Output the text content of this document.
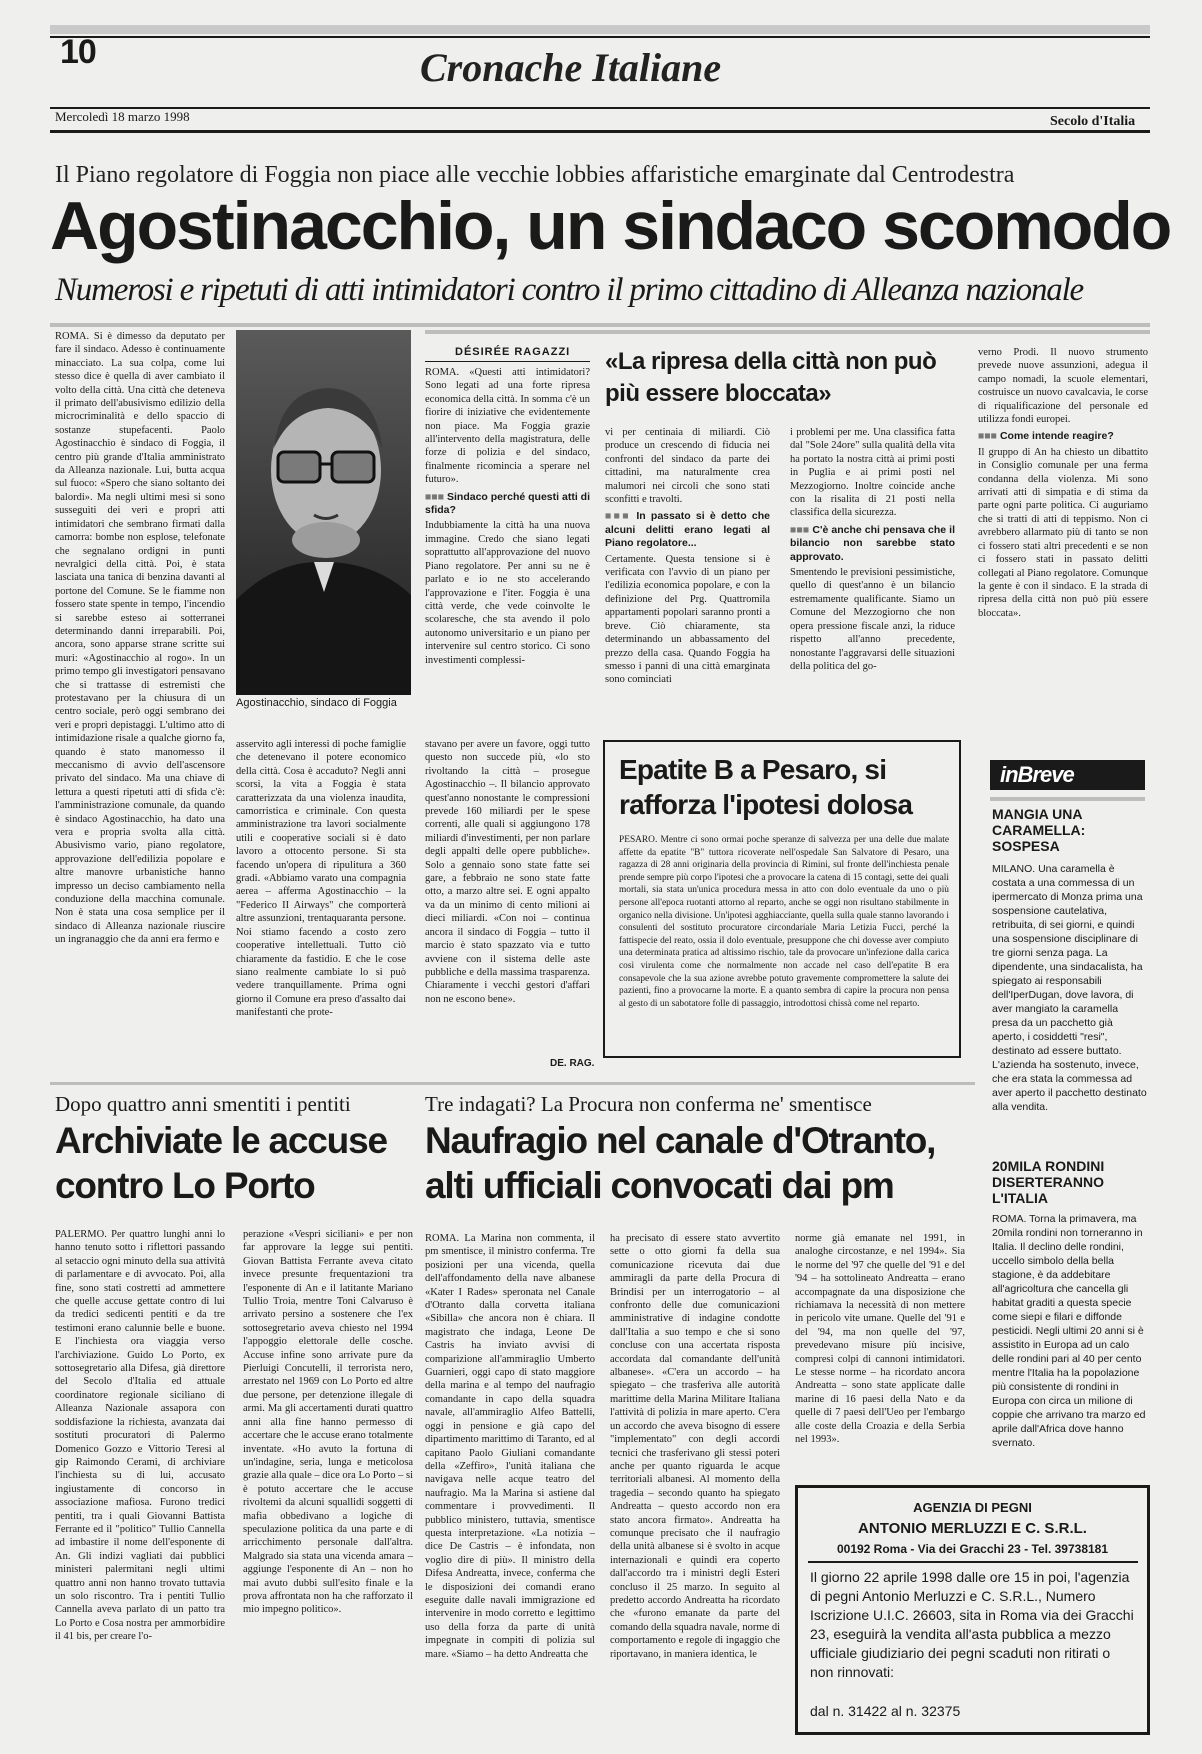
10	Cronache Italiane
Mercoledì 18 marzo 1998	Secolo d'Italia
Il Piano regolatore di Foggia non piace alle vecchie lobbies affaristiche emarginate dal Centrodestra
Agostinacchio, un sindaco scomodo
Numerosi e ripetuti di atti intimidatori contro il primo cittadino di Alleanza nazionale
ROMA. Si è dimesso da deputato per fare il sindaco. Adesso è continuamente minacciato. La sua colpa, come lui stesso dice è quella di aver cambiato il volto della città. Una città che deteneva il primato dell'abusivismo edilizio della microcriminalità e dello spaccio di sostanze stupefacenti. Paolo Agostinacchio è sindaco di Foggia, il centro più grande d'Italia amministrato da Alleanza nazionale. Lui, butta acqua sul fuoco: «Spero che siano soltanto dei balordi». Ma negli ultimi mesi si sono susseguiti dei veri e propri atti intimidatori che sembrano firmati dalla camorra: bombe non esplose, telefonate che segnalano ordigni in punti nevralgici della città. Poi, è stata lasciata una tanica di benzina davanti al portone del Comune. Se le fiamme non fossero state spente in tempo, l'incendio si sarebbe esteso ai sotterranei determinando danni irreparabili. Poi, ancora, sono apparse strane scritte sui muri: «Agostinacchio al rogo». In un primo tempo gli investigatori pensavano che si trattasse di estremisti che protestavano per la chiusura di un centro sociale, però oggi sembrano dei veri e propri depistaggi. L'ultimo atto di intimidazione risale a qualche giorno fa, quando è stato manomesso il meccanismo di avvio dell'ascensore privato del sindaco. Ma una chiave di lettura a questi ripetuti atti di sfida c'è: l'amministrazione comunale, da quando è sindaco Agostinacchio, ha dato una vera e propria svolta alla città. Abusivismo vario, piano regolatore, approvazione dell'edilizia popolare e altre manovre urbanistiche hanno impresso un deciso cambiamento nella conduzione della macchina comunale. Non è stata una cosa semplice per il sindaco di Alleanza nazionale riuscire un ingranaggio che da anni era fermo e
Agostinacchio, sindaco di Foggia
DÉSIRÉE RAGAZZI

ROMA. «Questi atti intimidatori? Sono legati ad una forte ripresa economica della città. In somma c'è un fiorire di iniziative che evidentemente non piace. Ma Foggia grazie all'intervento della magistratura, delle forze di polizia e del sindaco, finalmente ricomincia a sperare nel futuro».

■■■ Sindaco perché questi atti di sfida?

Indubbiamente la città ha una nuova immagine. Credo che siano legati soprattutto all'approvazione del nuovo Piano regolatore. Per anni su ne è parlato e io ne sto accelerando l'approvazione e l'iter. Foggia è una città verde, che vede coinvolte le scolaresche, che sta avendo il polo autonomo universitario e un piano per intervenire sul centro storico. Ci sono investimenti complessi-

«La ripresa della città non può più essere bloccata»

vi per centinaia di miliardi. Ciò produce un crescendo di fiducia nei confronti del sindaco da parte dei cittadini, ma naturalmente crea malumori nei circoli che sono stati sconfitti e travolti.

■■■ In passato si è detto che alcuni delitti erano legati al Piano regolatore...

Certamente. Questa tensione si è verificata con l'avvio di un piano per l'edilizia economica popolare, e con la definizione del Prg. Quattromila appartamenti popolari saranno pronti a breve. Ciò chiaramente, sta determinando un abbassamento del prezzo della casa. Quando Foggia ha smesso i panni di una città emarginata sono cominciati

i problemi per me. Una classifica fatta dal "Sole 24ore" sulla qualità della vita ha portato la nostra città ai primi posti in Puglia e ai primi posti nel Mezzogiorno. Inoltre coincide anche con la risalita di 21 posti nella classifica della sicurezza.

■■■ C'è anche chi pensava che il bilancio non sarebbe stato approvato.

Smentendo le previsioni pessimistiche, quello di quest'anno è un bilancio estremamente qualificante. Siamo un Comune del Mezzogiorno che non opera pressione fiscale anzi, la riduce rispetto all'anno precedente, nonostante l'aggravarsi delle situazioni della politica del go-

verno Prodi. Il nuovo strumento prevede nuove assunzioni, adegua il campo nomadi, la scuole elementari, costruisce un nuovo cavalcavia, le corse di riqualificazione del personale ed utilizza fondi europei.

■■■ Come intende reagire?

Il gruppo di An ha chiesto un dibattito in Consiglio comunale per una ferma condanna della violenza. Mi sono arrivati atti di simpatia e di stima da parte ogni parte politica. Ci auguriamo che si tratti di atti di teppismo. Non ci avrebbero allarmato più di tanto se non ci fossero stati altri precedenti e se non ci fossero stati in passato delitti collegati al Piano regolatore. Comunque la gente è con il sindaco. E la strada di ripresa della città non può più essere bloccata».

asservito agli interessi di poche famiglie che detenevano il potere economico della città. Cosa è accaduto? Negli anni scorsi, la vita a Foggia è stata caratterizzata da una violenza inaudita, camorristica e criminale. Con questa amministrazione tra lavori socialmente utili e cooperative sociali si è dato lavoro a ottocento persone. Si sta facendo un'opera di ripulitura a 360 gradi. «Abbiamo varato una compagnia aerea – afferma Agostinacchio – la "Federico II Airways" che comporterà altre assunzioni, trentaquaranta persone. Noi stiamo facendo a costo zero cooperative intellettuali. Tutto ciò chiaramente da fastidio. E che le cose siano realmente cambiate lo si può vedere tranquillamente. Prima ogni giorno il Comune era preso d'assalto dai manifestanti che prote-
stavano per avere un favore, oggi tutto questo non succede più, «lo sto rivoltando la città – prosegue Agostinacchio –. Il bilancio approvato quest'anno nonostante le compressioni prevede 160 miliardi per le spese correnti, alle quali si aggiungono 178 miliardi d'investimenti, per non parlare degli appalti delle opere pubbliche». Solo a gennaio sono state fatte sei gare, a febbraio ne sono state fatte otto, a marzo altre sei. E ogni appalto va da un minimo di cento milioni ai dieci miliardi. «Con noi – continua ancora il sindaco di Foggia – tutto il marcio è stato spazzato via e tutto avviene con il sistema delle aste pubbliche e della massima trasparenza. Chiaramente i vecchi gestori d'affari non ne escono bene».
DE. RAG.
Epatite B a Pesaro, si rafforza l'ipotesi dolosa
PESARO. Mentre ci sono ormai poche speranze di salvezza per una delle due malate affette da epatite "B" tuttora ricoverate nell'ospedale San Salvatore di Pesaro, una ragazza di 28 anni originaria della provincia di Rimini, sul fronte dell'inchiesta penale prende sempre più corpo l'ipotesi che a provocare la catena di 15 contagi, sette dei quali mortali, sia stata un'unica procedura messa in atto con dolo eventuale da uno o più persone all'epoca ruotanti attorno al reparto, anche se oggi non risultano stabilmente in organico nella divisione. Un'ipotesi agghiacciante, quella sulla quale stanno lavorando i consulenti del sostituto procuratore circondariale Maria Letizia Fucci, perché la fattispecie del reato, ossia il dolo eventuale, presuppone che chi dovesse aver compiuto una determinata pratica ad altissimo rischio, tale da provocare un'infezione dalla carica così virulenta come che normalmente non accade nel caso dell'epatite B era consapevole che la sua azione avrebbe potuto gravemente compromettere la salute dei pazienti, fino a provocarne la morte. E a quanto sembra di capire la procura non pensa al gesto di un sabotatore folle di passaggio, introdottosi chissà come nel reparto.
inBreve
MANGIA UNA CARAMELLA: SOSPESA
MILANO. Una caramella è costata a una commessa di un ipermercato di Monza prima una sospensione cautelativa, retribuita, di sei giorni, e quindi una sospensione disciplinare di tre giorni senza paga. La dipendente, una sindacalista, ha spiegato ai responsabili dell'IperDugan, dove lavora, di aver mangiato la caramella presa da un pacchetto già aperto, i cosiddetti "resi", destinato ad essere buttato. L'azienda ha sostenuto, invece, che era stata la commessa ad aver aperto il pacchetto destinato alla vendita.
20MILA RONDINI DISERTERANNO L'ITALIA
ROMA. Torna la primavera, ma 20mila rondini non torneranno in Italia. Il declino delle rondini, uccello simbolo della bella stagione, è da addebitare all'agricoltura che cancella gli habitat graditi a questa specie come siepi e filari e diffonde pesticidi. Negli ultimi 20 anni si è assistito in Europa ad un calo delle rondini pari al 40 per cento mentre l'Italia ha la popolazione più consistente di rondini in Europa con circa un milione di coppie che arrivano tra marzo ed aprile dall'Africa dove hanno svernato.
Dopo quattro anni smentiti i pentiti
Archiviate le accuse contro Lo Porto
PALERMO. Per quattro lunghi anni lo hanno tenuto sotto i riflettori passando al setaccio ogni minuto della sua attività di parlamentare e di avvocato. Poi, alla fine, sono stati costretti ad ammettere che quelle accuse gettate contro di lui da tredici sedicenti pentiti e da tre testimoni erano calunnie belle e buone. E l'inchiesta ora viaggia verso l'archiviazione. Guido Lo Porto, ex sottosegretario alla Difesa, già direttore del Secolo d'Italia ed attuale coordinatore regionale siciliano di Alleanza Nazionale assapora con soddisfazione la richiesta, avanzata dai sostituti procuratori di Palermo Domenico Gozzo e Vittorio Teresi al gip Raimondo Cerami, di archiviare l'inchiesta su di lui, accusato ingiustamente di concorso in associazione mafiosa. Furono tredici pentiti, tra i quali Giovanni Battista Ferrante ed il "politico" Tullio Cannella ad imbastire il nome dell'esponente di An. Gli indizi vagliati dai pubblici ministeri palermitani negli ultimi quattro anni non hanno trovato tuttavia un solo riscontro. Tra i pentiti Tullio Cannella aveva parlato di un patto tra Lo Porto e Cosa nostra per ammorbidire il 41 bis, per creare l'o-
perazione «Vespri siciliani» e per non far approvare la legge sui pentiti. Giovan Battista Ferrante aveva citato invece presunte frequentazioni tra l'esponente di An e il latitante Mariano Tullio Troia, mentre Toni Calvaruso è arrivato persino a sostenere che l'ex sottosegretario aveva chiesto nel 1994 l'appoggio elettorale delle cosche. Accuse infine sono arrivate pure da Pierluigi Concutelli, il terrorista nero, arrestato nel 1969 con Lo Porto ed altre due persone, per detenzione illegale di armi. Ma gli accertamenti durati quattro anni alla fine hanno permesso di accertare che le accuse erano totalmente inventate. «Ho avuto la fortuna di un'indagine, seria, lunga e meticolosa grazie alla quale – dice ora Lo Porto – si è potuto accertare che le accuse rivoltemi da alcuni squallidi soggetti di mafia obbedivano a logiche di speculazione politica da una parte e di arricchimento personale dall'altra. Malgrado sia stata una vicenda amara – aggiunge l'esponente di An – non ho mai avuto dubbi sull'esito finale e la prova affrontata non ha che rafforzato il mio impegno politico».
Tre indagati? La Procura non conferma ne' smentisce
Naufragio nel canale d'Otranto, alti ufficiali convocati dai pm
ROMA. La Marina non commenta, il pm smentisce, il ministro conferma. Tre posizioni per una vicenda, quella dell'affondamento della nave albanese «Kater I Rades» speronata nel Canale d'Otranto dalla corvetta italiana «Sibilla» che ancora non è chiara. Il magistrato che indaga, Leone De Castris ha inviato avvisi di comparizione all'ammiraglio Umberto Guarnieri, oggi capo di stato maggiore della marina e al tempo del naufragio comandante in capo della squadra navale, all'ammiraglio Alfeo Battelli, oggi in pensione e già capo del dipartimento marittimo di Taranto, ed al capitano Paolo Giuliani comandante della «Zeffiro», l'unità italiana che navigava nelle acque teatro del naufragio. Ma la Marina si astiene dal commentare i provvedimenti. Il pubblico ministero, tuttavia, smentisce questa interpretazione. «La notizia – dice De Castris – è infondata, non voglio dire di più». Il ministro della Difesa Andreatta, invece, conferma che le disposizioni dei comandi erano eseguite dalle navali immigrazione ed intervenire in modo corretto e legittimo uso della forza da parte di unità impegnate in compiti di polizia sul mare. «Siamo – ha detto Andreatta che
ha precisato di essere stato avvertito sette o otto giorni fa della sua comunicazione ricevuta dai due ammiragli da parte della Procura di Brindisi per un interrogatorio – al confronto delle due comunicazioni amministrative di indagine condotte dall'Italia a suo tempo e che si sono concluse con una accertata risposta accordata dal comandante dell'unità albanese». «C'era un accordo – ha spiegato – che trasferiva alle autorità marittime della Marina Militare Italiana l'attività di polizia in mare aperto. C'era un accordo che aveva bisogno di essere "implementato" con degli accordi tecnici che trasferivano gli stessi poteri anche per quanto riguarda le acque territoriali albanesi. Al momento della tragedia – secondo quanto ha spiegato Andreatta – questo accordo non era stato ancora firmato». Andreatta ha comunque precisato che il naufragio della unità albanese si è svolto in acque internazionali e quindi era coperto dall'accordo tra i ministri degli Esteri concluso il 25 marzo. In seguito al predetto accordo Andreatta ha ricordato che «furono emanate da parte del comando della squadra navale, norme di comportamento e regole di ingaggio che riportavano, in maniera identica, le
norme già emanate nel 1991, in analoghe circostanze, e nel 1994». Sia le norme del '97 che quelle del '91 e del '94 – ha sottolineato Andreatta – erano accompagnate da una disposizione che richiamava la necessità di non mettere in pericolo vite umane. Quelle del '91 e del '94, ma non quelle del '97, prevedevano misure più incisive, compresi colpi di cannoni intimidatori. Le stesse norme – ha ricordato ancora Andreatta – sono state applicate dalle marine di 16 paesi della Nato e da quelle di 7 paesi dell'Ueo per l'embargo alle coste della Croazia e della Serbia nel 1993».
AGENZIA DI PEGNI
ANTONIO MERLUZZI E C. S.R.L.
00192 Roma - Via dei Gracchi 23 - Tel. 39738181
Il giorno 22 aprile 1998 dalle ore 15 in poi, l'agenzia di pegni Antonio Merluzzi e C. S.R.L., Numero Iscrizione U.I.C. 26603, sita in Roma via dei Gracchi 23, eseguirà la vendita all'asta pubblica a mezzo ufficiale giudiziario dei pegni scaduti non ritirati o non rinnovati:
dal n. 31422 al n. 32375
